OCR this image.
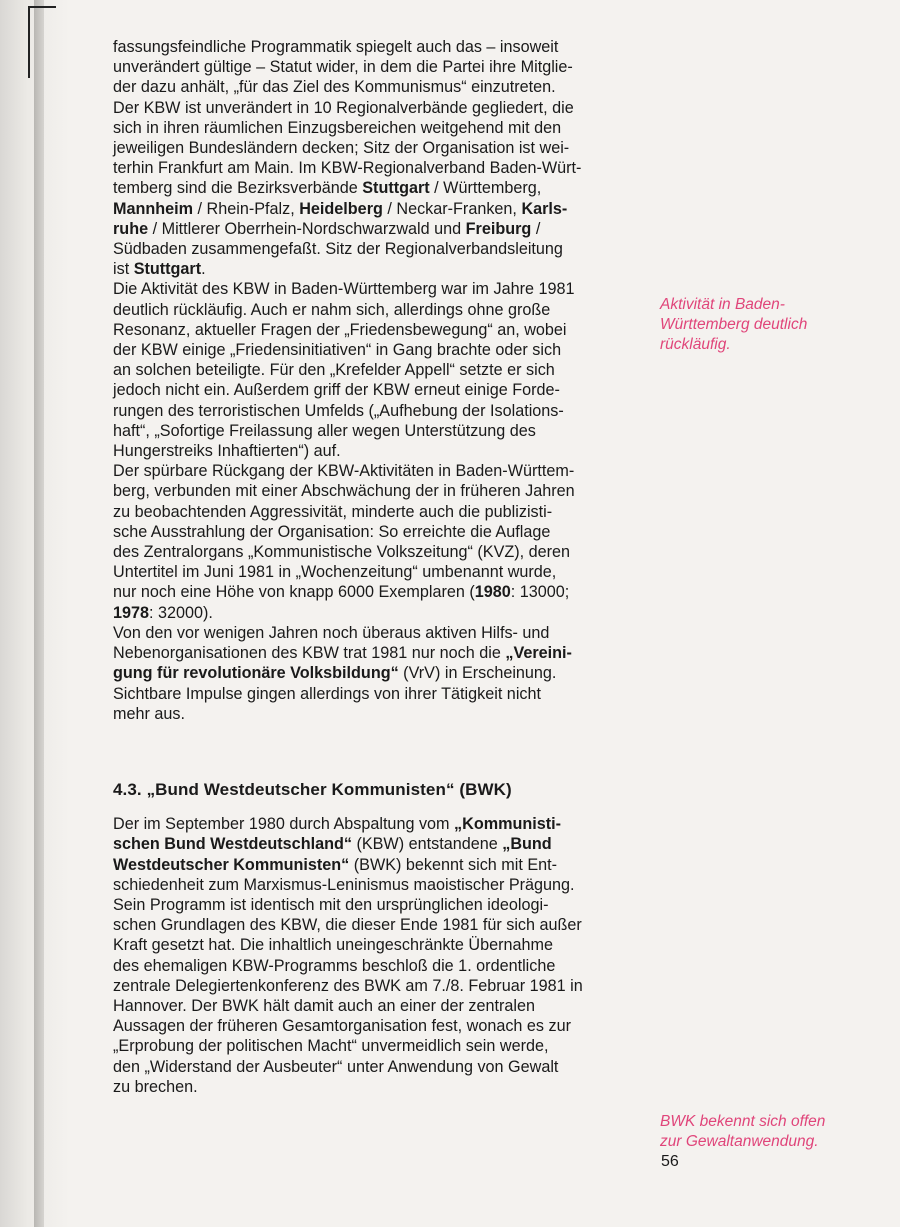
fassungsfeindliche Programmatik spiegelt auch das – insoweit
unverändert gültige – Statut wider, in dem die Partei ihre Mitglie-
der dazu anhält, „für das Ziel des Kommunismus“ einzutreten.

Der KBW ist unverändert in 10 Regionalverbände gegliedert, die
sich in ihren räumlichen Einzugsbereichen weitgehend mit den
jeweiligen Bundesländern decken; Sitz der Organisation ist wei-
terhin Frankfurt am Main. Im KBW-Regionalverband Baden-Würt-
temberg sind die Bezirksverbände Stuttgart / Württemberg,
Mannheim / Rhein-Pfalz, Heidelberg / Neckar-Franken, Karls-
ruhe / Mittlerer Oberrhein-Nordschwarzwald und Freiburg /
Südbaden zusammengefaßt. Sitz der Regionalverbandsleitung
ist Stuttgart.

Die Aktivität des KBW in Baden-Württemberg war im Jahre 1981
deutlich rückläufig. Auch er nahm sich, allerdings ohne große
Resonanz, aktueller Fragen der „Friedensbewegung“ an, wobei
der KBW einige „Friedensinitiativen“ in Gang brachte oder sich
an solchen beteiligte. Für den „Krefelder Appell“ setzte er sich
jedoch nicht ein. Außerdem griff der KBW erneut einige Forde-
rungen des terroristischen Umfelds („Aufhebung der Isolations-
haft“, „Sofortige Freilassung aller wegen Unterstützung des
Hungerstreiks Inhaftierten“) auf.

Der spürbare Rückgang der KBW-Aktivitäten in Baden-Württem-
berg, verbunden mit einer Abschwächung der in früheren Jahren
zu beobachtenden Aggressivität, minderte auch die publizisti-
sche Ausstrahlung der Organisation: So erreichte die Auflage
des Zentralorgans „Kommunistische Volkszeitung“ (KVZ), deren
Untertitel im Juni 1981 in „Wochenzeitung“ umbenannt wurde,
nur noch eine Höhe von knapp 6000 Exemplaren (1980: 13000;
1978: 32000).

Von den vor wenigen Jahren noch überaus aktiven Hilfs- und
Nebenorganisationen des KBW trat 1981 nur noch die „Vereini-
gung für revolutionäre Volksbildung“ (VrV) in Erscheinung.
Sichtbare Impulse gingen allerdings von ihrer Tätigkeit nicht
mehr aus.

4.3. „Bund Westdeutscher Kommunisten“ (BWK)

Der im September 1980 durch Abspaltung vom „Kommunisti-
schen Bund Westdeutschland“ (KBW) entstandene „Bund
Westdeutscher Kommunisten“ (BWK) bekennt sich mit Ent-
schiedenheit zum Marxismus-Leninismus maoistischer Prägung.
Sein Programm ist identisch mit den ursprünglichen ideologi-
schen Grundlagen des KBW, die dieser Ende 1981 für sich außer
Kraft gesetzt hat. Die inhaltlich uneingeschränkte Übernahme
des ehemaligen KBW-Programms beschloß die 1. ordentliche
zentrale Delegiertenkonferenz des BWK am 7./8. Februar 1981 in
Hannover. Der BWK hält damit auch an einer der zentralen
Aussagen der früheren Gesamtorganisation fest, wonach es zur
„Erprobung der politischen Macht“ unvermeidlich sein werde,
den „Widerstand der Ausbeuter“ unter Anwendung von Gewalt
zu brechen.

Aktivität in Baden-
Württemberg deutlich
rückläufig.
BWK bekennt sich offen
zur Gewaltanwendung.
56
